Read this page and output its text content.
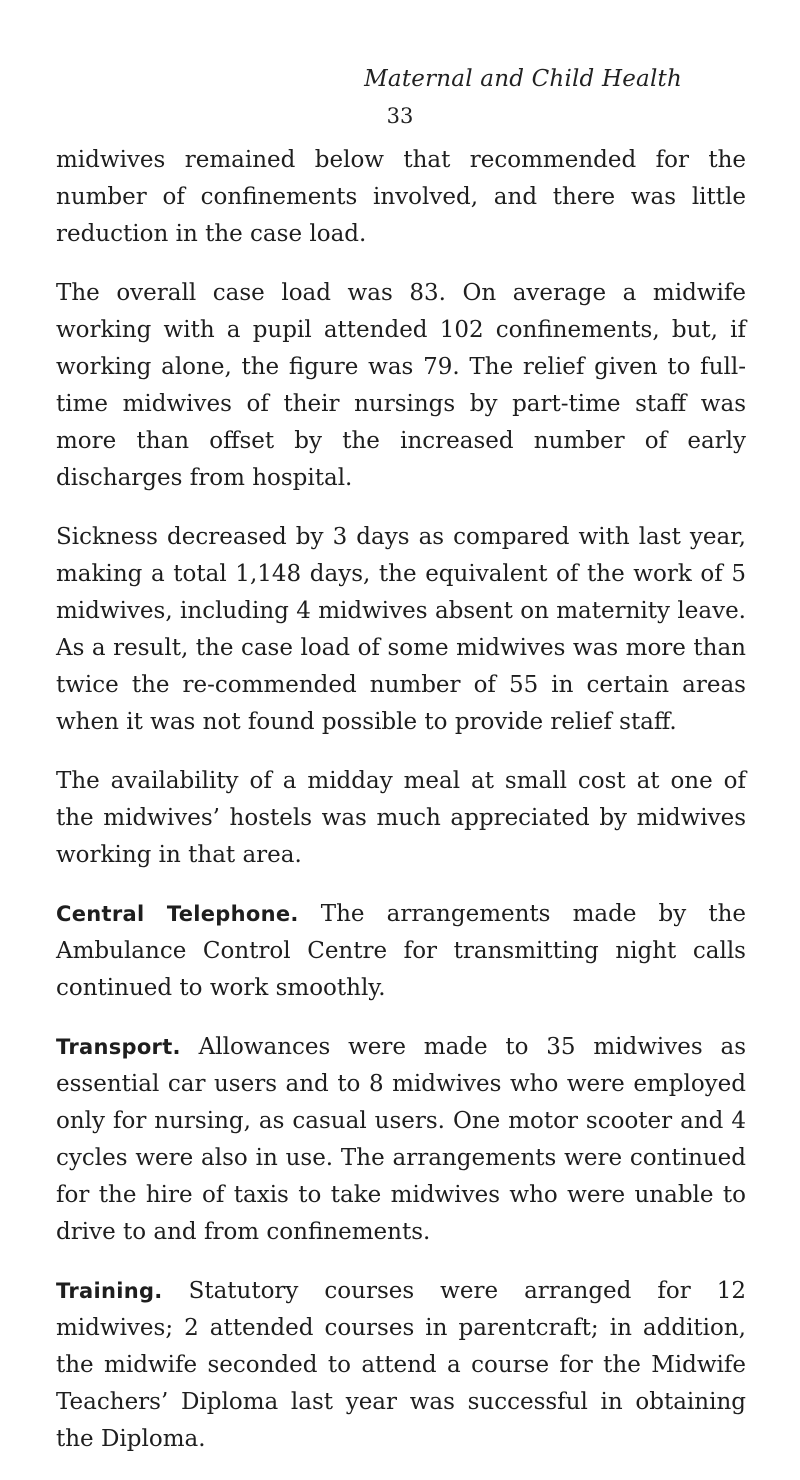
Maternal and Child Health
33

midwives remained below that recommended for the number of confinements involved, and there was little reduction in the case load.

The overall case load was 83. On average a midwife working with a pupil attended 102 confinements, but, if working alone, the figure was 79. The relief given to full-time midwives of their nursings by part-time staff was more than offset by the increased number of early discharges from hospital.

Sickness decreased by 3 days as compared with last year, making a total 1,148 days, the equivalent of the work of 5 midwives, including 4 midwives absent on maternity leave. As a result, the case load of some midwives was more than twice the re-commended number of 55 in certain areas when it was not found possible to provide relief staff.

The availability of a midday meal at small cost at one of the midwives’ hostels was much appreciated by midwives working in that area.

Central Telephone. The arrangements made by the Ambulance Control Centre for transmitting night calls continued to work smoothly.

Transport. Allowances were made to 35 midwives as essential car users and to 8 midwives who were employed only for nursing, as casual users. One motor scooter and 4 cycles were also in use. The arrangements were continued for the hire of taxis to take midwives who were unable to drive to and from confinements.

Training. Statutory courses were arranged for 12 midwives; 2 attended courses in parentcraft; in addition, the midwife seconded to attend a course for the Midwife Teachers’ Diploma last year was successful in obtaining the Diploma.
